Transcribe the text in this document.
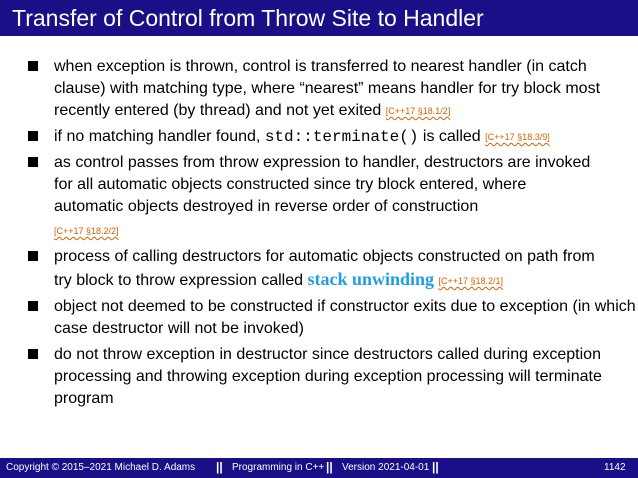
Transfer of Control from Throw Site to Handler
when exception is thrown, control is transferred to nearest handler (in catch clause) with matching type, where “nearest” means handler for try block most recently entered (by thread) and not yet exited [C++17 §18.1/2]
if no matching handler found, std::terminate() is called [C++17 §18.3/9]
as control passes from throw expression to handler, destructors are invoked for all automatic objects constructed since try block entered, where automatic objects destroyed in reverse order of construction
[C++17 §18.2/2]
process of calling destructors for automatic objects constructed on path from try block to throw expression called stack unwinding [C++17 §18.2/1]
object not deemed to be constructed if constructor exits due to exception (in which case destructor will not be invoked)
do not throw exception in destructor since destructors called during exception processing and throwing exception during exception processing will terminate program
Copyright © 2015–2021 Michael D. Adams || Programming in C++ || Version 2021-04-01 ||	1142
